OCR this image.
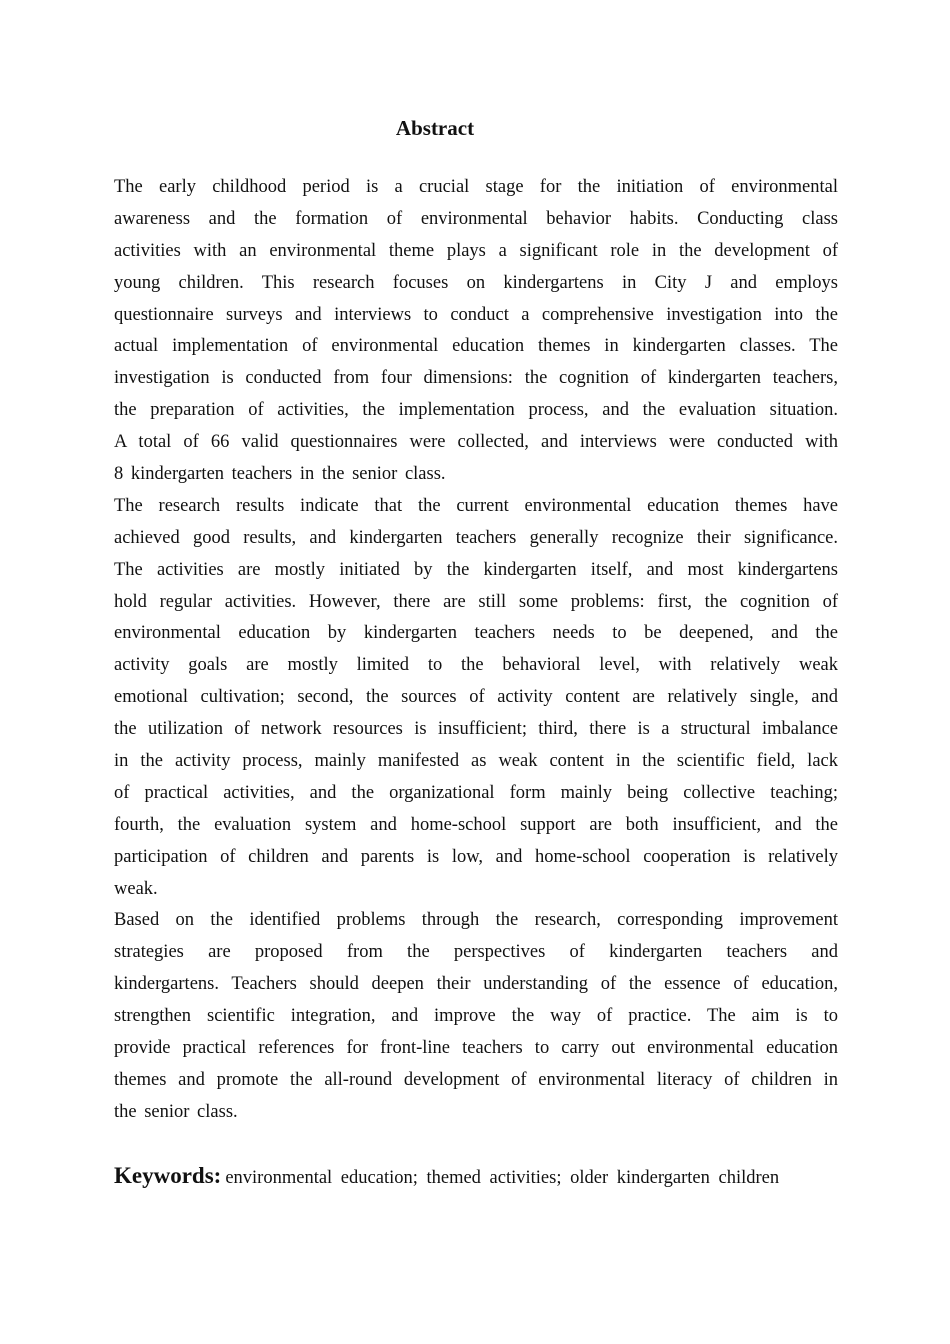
Abstract
The early childhood period is a crucial stage for the initiation of environmental
awareness and the formation of environmental behavior habits. Conducting class
activities with an environmental theme plays a significant role in the development of
young children. This research focuses on kindergartens in City J and employs
questionnaire surveys and interviews to conduct a comprehensive investigation into the
actual implementation of environmental education themes in kindergarten classes. The
investigation is conducted from four dimensions: the cognition of kindergarten teachers,
the preparation of activities, the implementation process, and the evaluation situation.
A total of 66 valid questionnaires were collected, and interviews were conducted with
8 kindergarten teachers in the senior class.
The research results indicate that the current environmental education themes have
achieved good results, and kindergarten teachers generally recognize their significance.
The activities are mostly initiated by the kindergarten itself, and most kindergartens
hold regular activities. However, there are still some problems: first, the cognition of
environmental education by kindergarten teachers needs to be deepened, and the
activity goals are mostly limited to the behavioral level, with relatively weak
emotional cultivation; second, the sources of activity content are relatively single, and
the utilization of network resources is insufficient; third, there is a structural imbalance
in the activity process, mainly manifested as weak content in the scientific field, lack
of practical activities, and the organizational form mainly being collective teaching;
fourth, the evaluation system and home-school support are both insufficient, and the
participation of children and parents is low, and home-school cooperation is relatively
weak.
Based on the identified problems through the research, corresponding improvement
strategies are proposed from the perspectives of kindergarten teachers and
kindergartens. Teachers should deepen their understanding of the essence of education,
strengthen scientific integration, and improve the way of practice. The aim is to
provide practical references for front-line teachers to carry out environmental education
themes and promote the all-round development of environmental literacy of children in
the senior class.
Keywords: environmental education; themed activities; older kindergarten children
